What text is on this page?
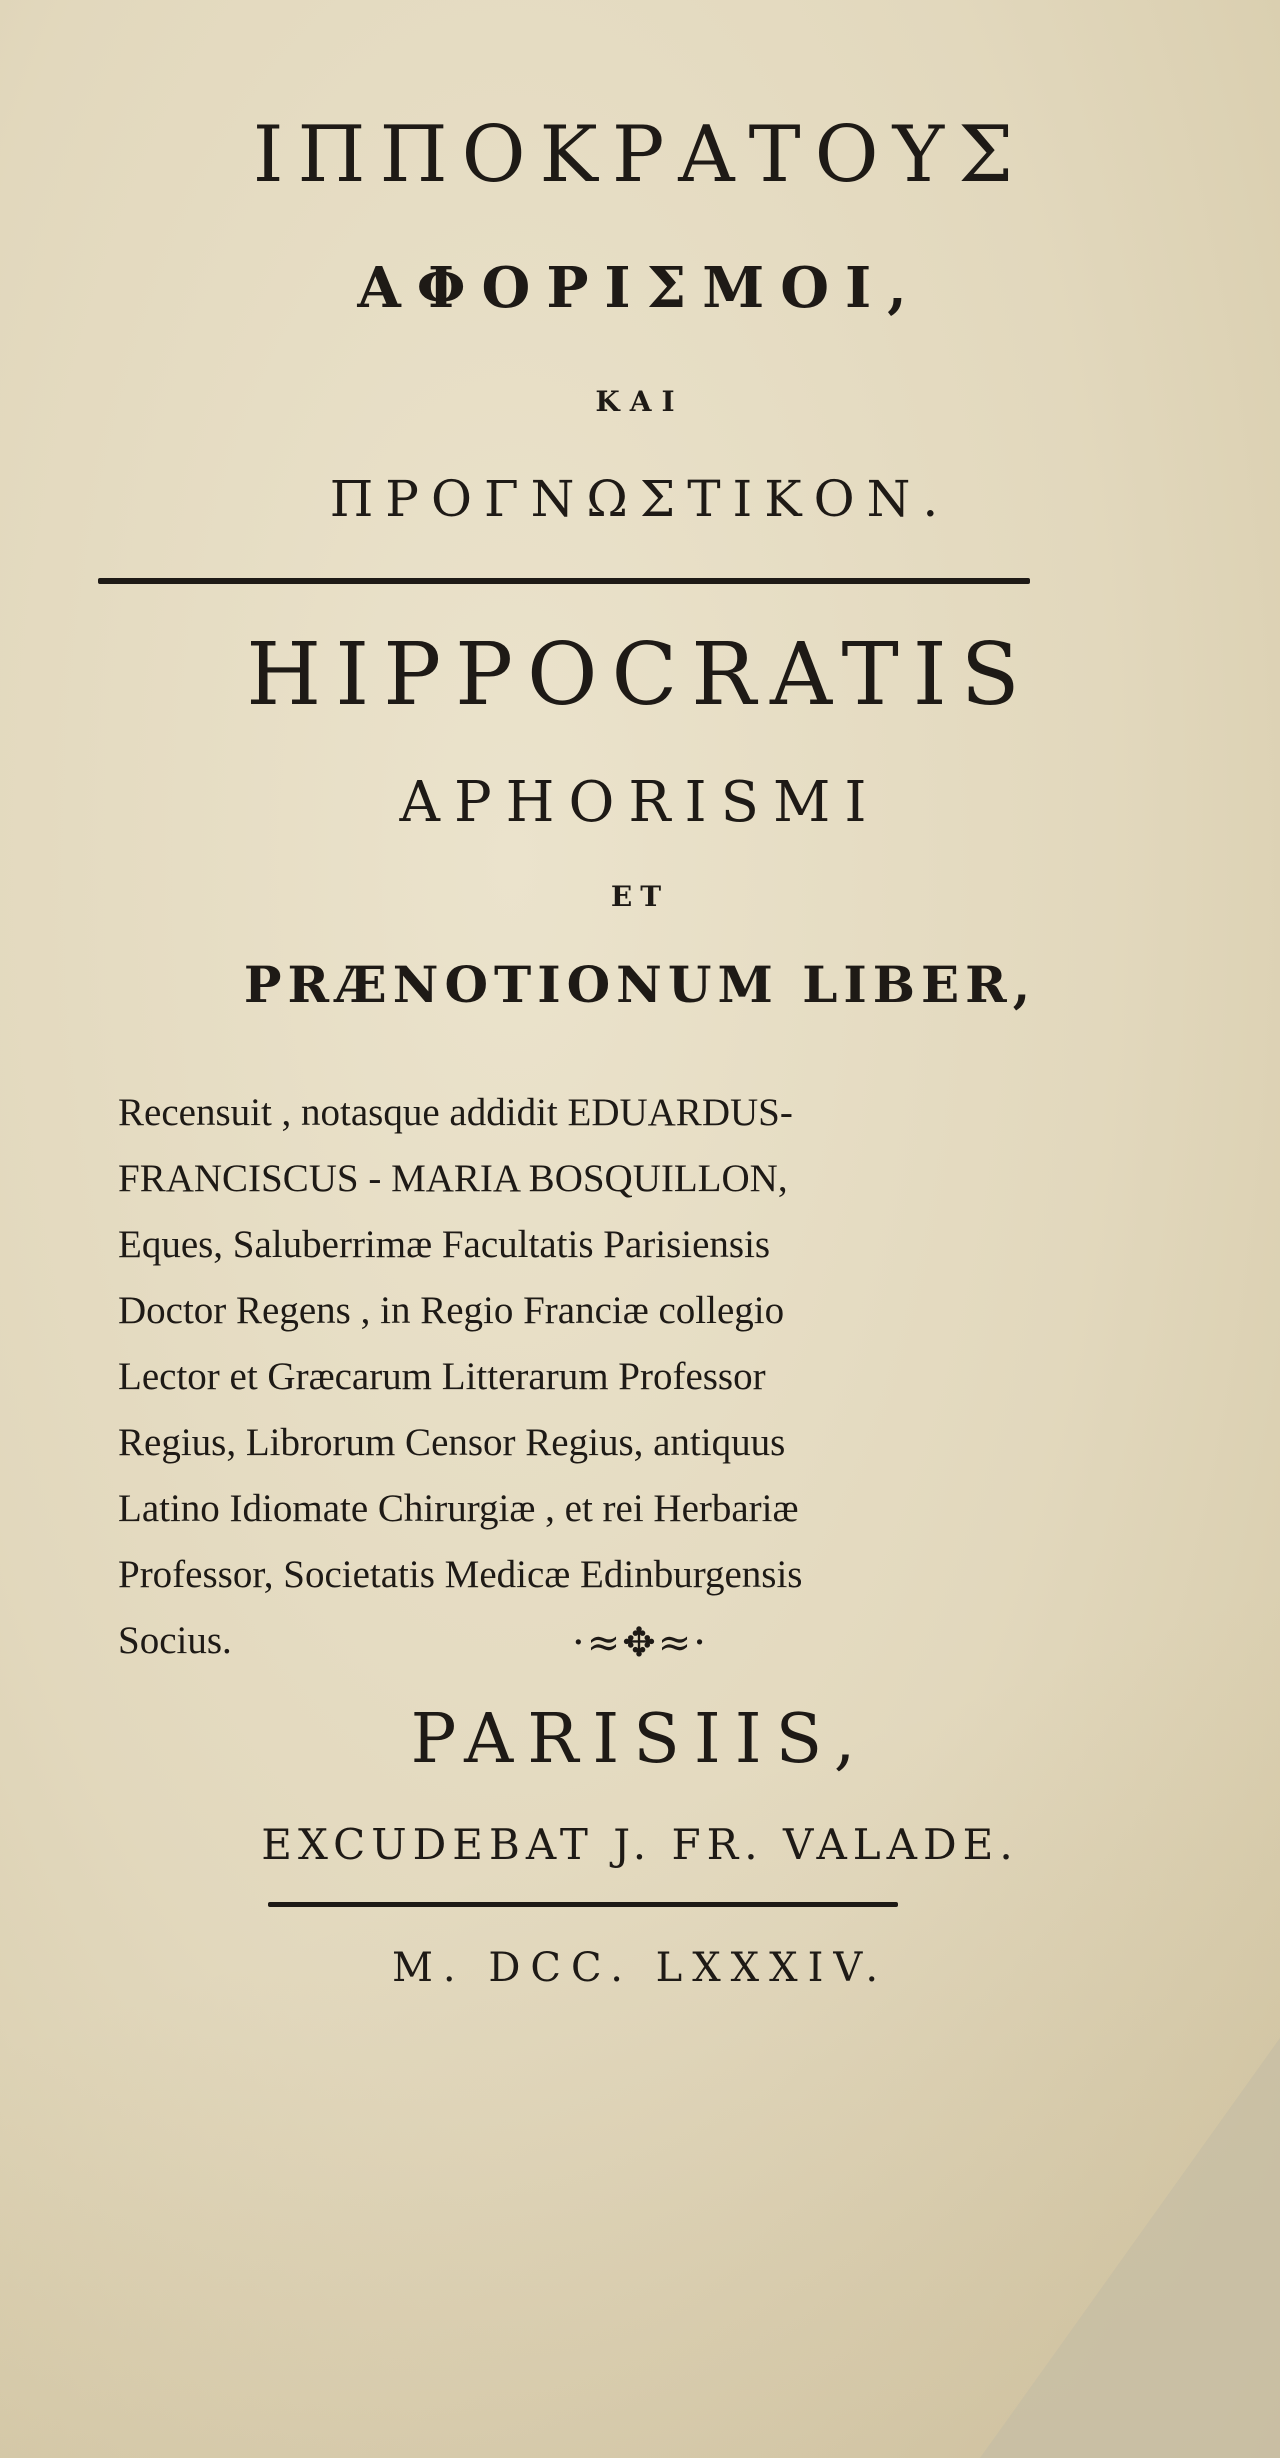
ΙΠΠΟΚΡΑΤΟΥΣ
ΑΦΟΡΙΣΜΟΙ,
ΚΑΙ
ΠΡΟΓΝΩΣΤΙΚΟΝ.
HIPPOCRATIS
APHORISMI
ET
PRÆNOTIONUM LIBER,
Recensuit , notasque addidit EDUARDUS-
FRANCISCUS - MARIA BOSQUILLON,
Eques, Saluberrimæ Facultatis Parisiensis
Doctor Regens , in Regio Franciæ collegio
Lector et Græcarum Litterarum Professor
Regius, Librorum Censor Regius, antiquus
Latino Idiomate Chirurgiæ , et rei Herbariæ
Professor, Societatis Medicæ Edinburgensis
Socius.	·≈✥≈·
PARISIIS,
EXCUDEBAT J. FR. VALADE.
M. DCC. LXXXIV.
